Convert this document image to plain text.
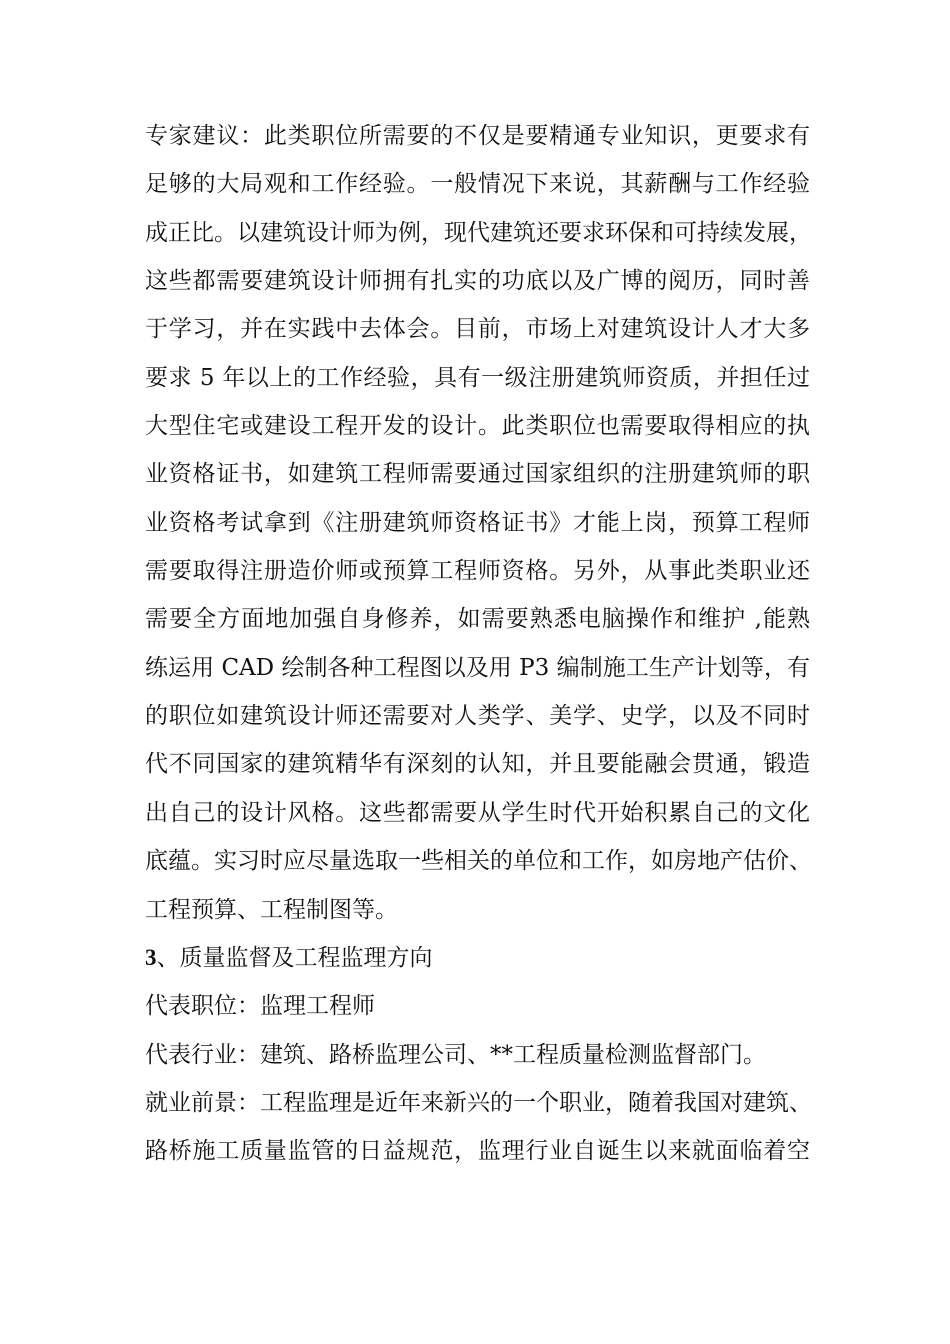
专家建议：此类职位所需要的不仅是要精通专业知识，更要求有
足够的大局观和工作经验。一般情况下来说，其薪酬与工作经验
成正比。以建筑设计师为例，现代建筑还要求环保和可持续发展，
这些都需要建筑设计师拥有扎实的功底以及广博的阅历，同时善
于学习，并在实践中去体会。目前，市场上对建筑设计人才大多
要求 5 年以上的工作经验，具有一级注册建筑师资质，并担任过
大型住宅或建设工程开发的设计。此类职位也需要取得相应的执
业资格证书，如建筑工程师需要通过国家组织的注册建筑师的职
业资格考试拿到《注册建筑师资格证书》才能上岗，预算工程师
需要取得注册造价师或预算工程师资格。另外，从事此类职业还
需要全方面地加强自身修养，如需要熟悉电脑操作和维护 ,能熟
练运用 CAD 绘制各种工程图以及用 P3 编制施工生产计划等，有
的职位如建筑设计师还需要对人类学、美学、史学，以及不同时
代不同国家的建筑精华有深刻的认知，并且要能融会贯通，锻造
出自己的设计风格。这些都需要从学生时代开始积累自己的文化
底蕴。实习时应尽量选取一些相关的单位和工作，如房地产估价、
工程预算、工程制图等。
3、质量监督及工程监理方向
代表职位：监理工程师
代表行业：建筑、路桥监理公司、**工程质量检测监督部门。
就业前景：工程监理是近年来新兴的一个职业，随着我国对建筑、
路桥施工质量监管的日益规范，监理行业自诞生以来就面临着空
